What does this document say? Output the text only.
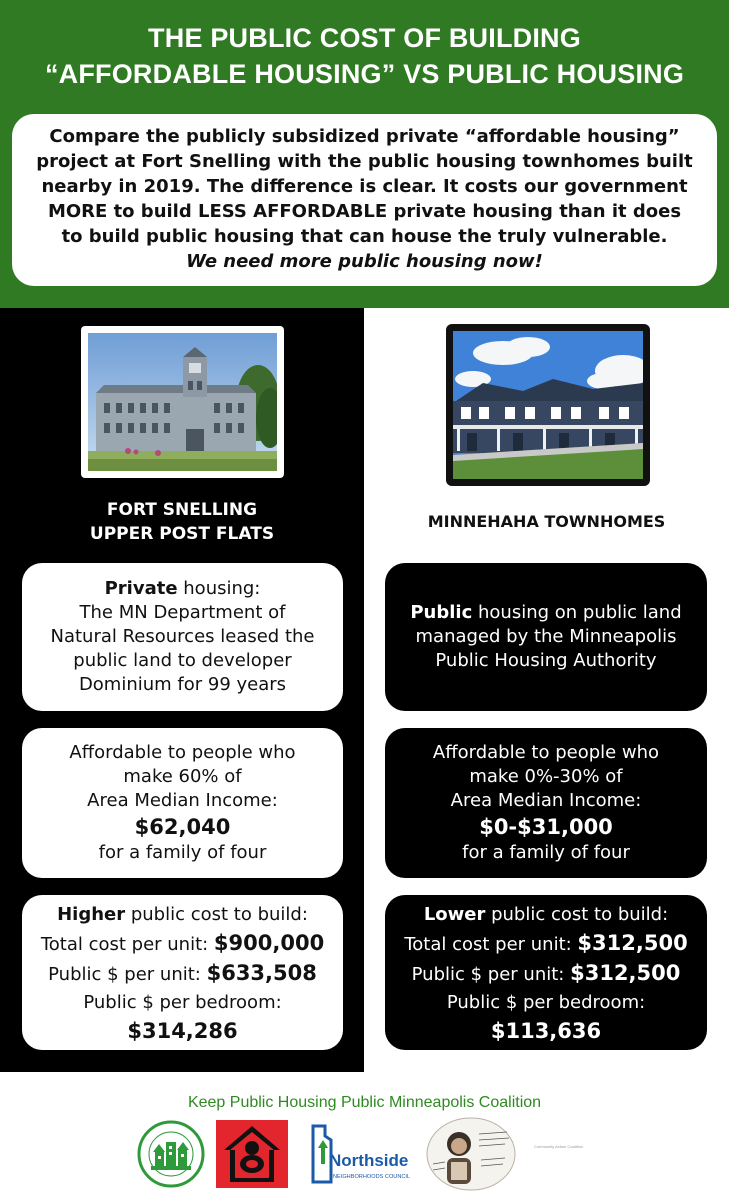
THE PUBLIC COST OF BUILDING
“AFFORDABLE HOUSING” VS PUBLIC HOUSING
Compare the publicly subsidized private “affordable housing”
project at Fort Snelling with the public housing townhomes built
nearby in 2019. The difference is clear. It costs our government
MORE to build LESS AFFORDABLE private housing than it does
to build public housing that can house the truly vulnerable.
We need more public housing now!
FORT SNELLING
UPPER POST FLATS
MINNEHAHA TOWNHOMES
Private housing:
The MN Department of
Natural Resources leased the
public land to developer
Dominium for 99 years
Affordable to people who
make 60% of
Area Median Income:
$62,040
for a family of four
Higher public cost to build:
Total cost per unit: $900,000
Public $ per unit: $633,508
Public $ per bedroom:
$314,286
Public housing on public land
managed by the Minneapolis
Public Housing Authority
Affordable to people who
make 0%-30% of
Area Median Income:
$0-$31,000
for a family of four
Lower public cost to build:
Total cost per unit: $312,500
Public $ per unit: $312,500
Public $ per bedroom:
$113,636
Keep Public Housing Public Minneapolis Coalition
Northside
NEIGHBORHOODS COUNCIL
Community Action Coalition
